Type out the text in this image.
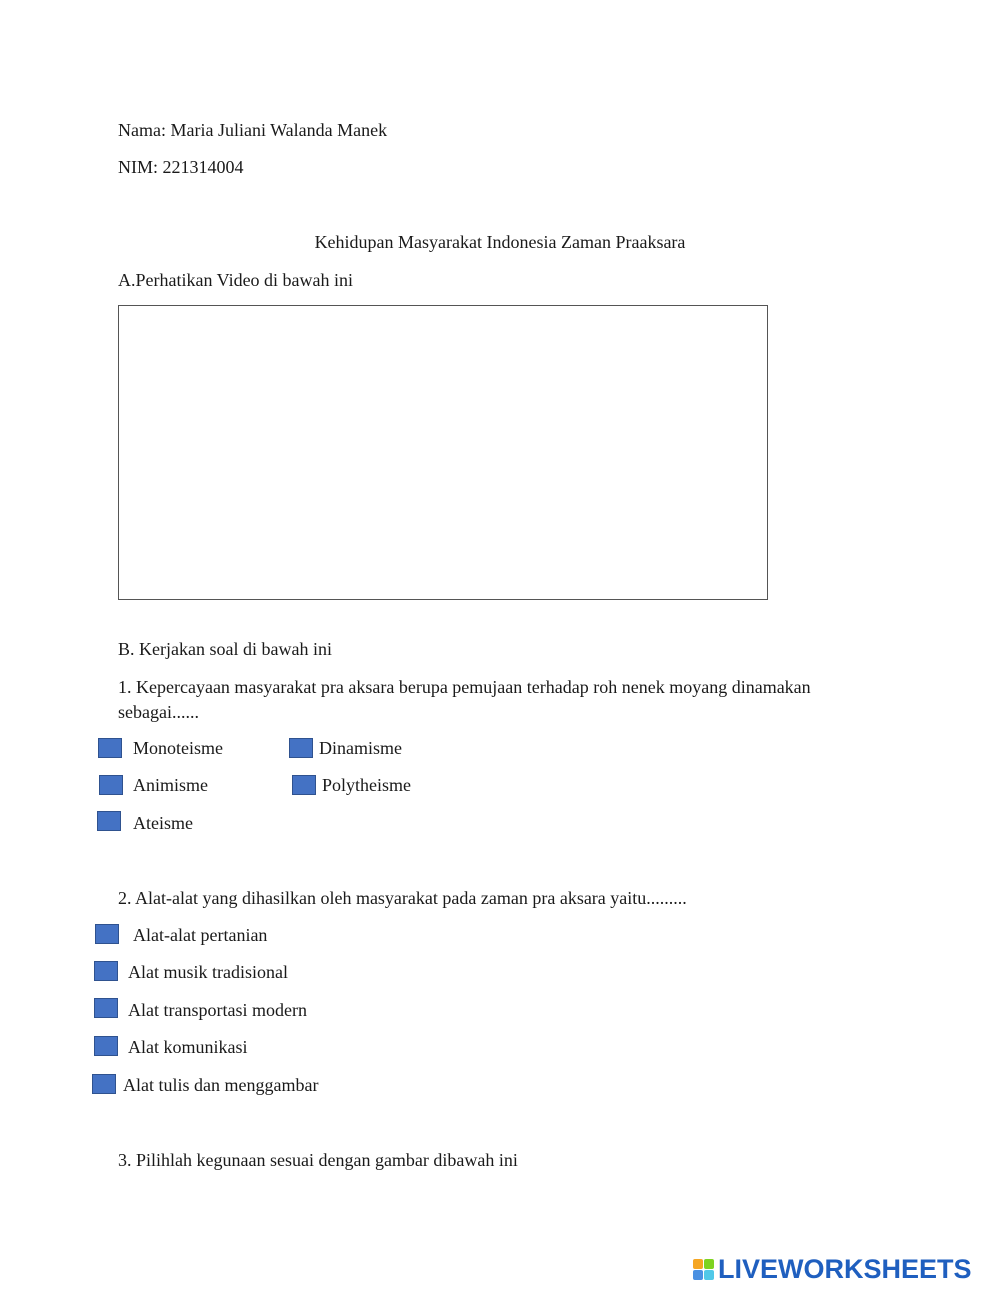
Nama: Maria Juliani Walanda Manek
NIM: 221314004
Kehidupan Masyarakat Indonesia Zaman Praaksara
A.Perhatikan Video di bawah ini
B. Kerjakan soal di bawah ini
1. Kepercayaan masyarakat pra aksara berupa pemujaan terhadap roh nenek moyang dinamakan
sebagai......
Monoteisme	Dinamisme
Animisme	Polytheisme
Ateisme
2. Alat-alat yang dihasilkan oleh masyarakat pada zaman pra aksara yaitu.........
Alat-alat pertanian
Alat musik tradisional
Alat transportasi modern
Alat komunikasi
Alat tulis dan menggambar
3. Pilihlah kegunaan sesuai dengan gambar dibawah ini
LIVEWORKSHEETS
